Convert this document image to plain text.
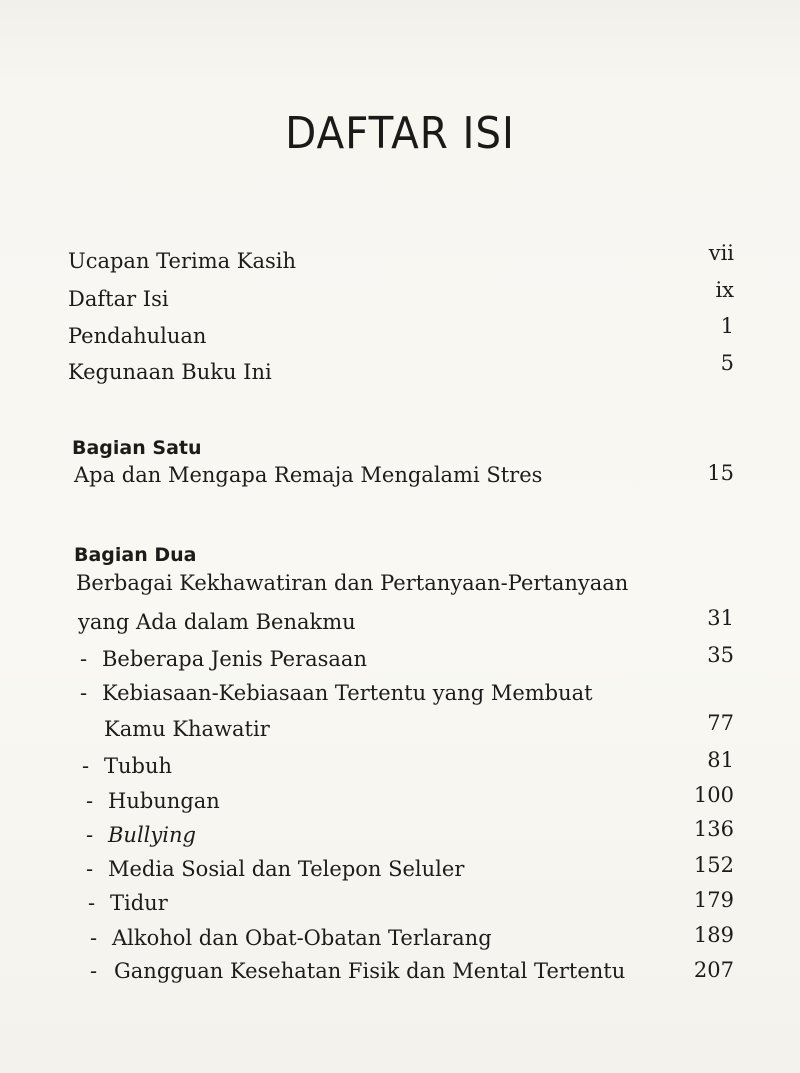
DAFTAR ISI
Ucapan Terima Kasih	vii
Daftar Isi	ix
Pendahuluan	1
Kegunaan Buku Ini	5
Bagian Satu
Apa dan Mengapa Remaja Mengalami Stres	15
Bagian Dua
Berbagai Kekhawatiran dan Pertanyaan-Pertanyaan
yang Ada dalam Benakmu	31
- Beberapa Jenis Perasaan	35
- Kebiasaan-Kebiasaan Tertentu yang Membuat
Kamu Khawatir	77
- Tubuh	81
- Hubungan	100
- Bullying	136
- Media Sosial dan Telepon Seluler	152
- Tidur	179
- Alkohol dan Obat-Obatan Terlarang	189
- Gangguan Kesehatan Fisik dan Mental Tertentu	207
